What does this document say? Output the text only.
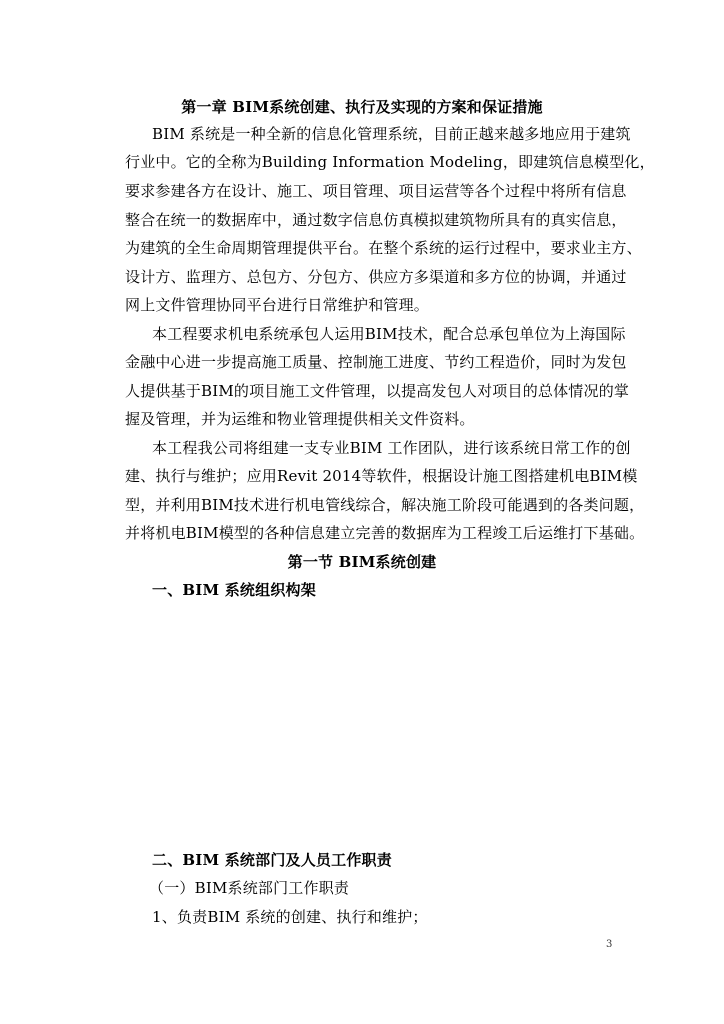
第一章 BIM系统创建、执行及实现的方案和保证措施
BIM 系统是一种全新的信息化管理系统，目前正越来越多地应用于建筑
行业中。它的全称为Building Information Modeling，即建筑信息模型化，
要求参建各方在设计、施工、项目管理、项目运营等各个过程中将所有信息
整合在统一的数据库中，通过数字信息仿真模拟建筑物所具有的真实信息，
为建筑的全生命周期管理提供平台。在整个系统的运行过程中，要求业主方、
设计方、监理方、总包方、分包方、供应方多渠道和多方位的协调，并通过
网上文件管理协同平台进行日常维护和管理。
本工程要求机电系统承包人运用BIM技术，配合总承包单位为上海国际
金融中心进一步提高施工质量、控制施工进度、节约工程造价，同时为发包
人提供基于BIM的项目施工文件管理，以提高发包人对项目的总体情况的掌
握及管理，并为运维和物业管理提供相关文件资料。
本工程我公司将组建一支专业BIM 工作团队，进行该系统日常工作的创
建、执行与维护；应用Revit 2014等软件，根据设计施工图搭建机电BIM模
型，并利用BIM技术进行机电管线综合，解决施工阶段可能遇到的各类问题，
并将机电BIM模型的各种信息建立完善的数据库为工程竣工后运维打下基础。
第一节 BIM系统创建
一、BIM 系统组织构架
二、BIM 系统部门及人员工作职责
（一）BIM系统部门工作职责
1、负责BIM 系统的创建、执行和维护；
3
